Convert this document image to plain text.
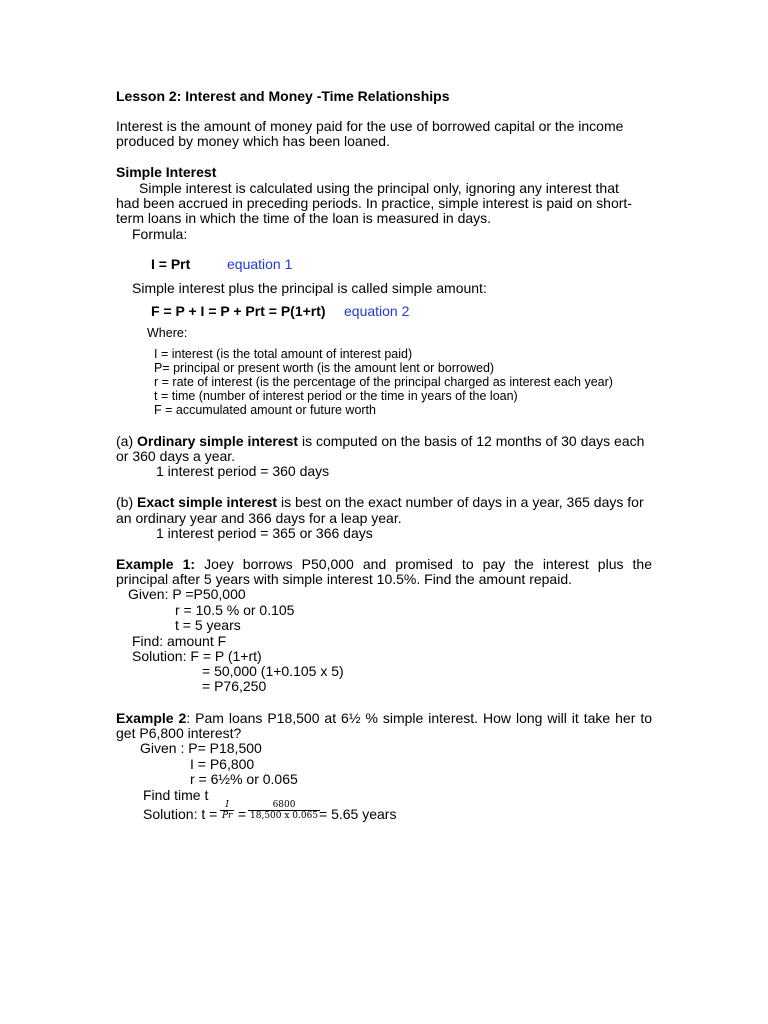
Lesson 2: Interest and Money -Time Relationships
Interest is the amount of money paid for the use of borrowed capital or the income
produced by money which has been loaned.
Simple Interest
Simple interest is calculated using the principal only, ignoring any interest that
had been accrued in preceding periods. In practice, simple interest is paid on short-
term loans in which the time of the loan is measured in days.
Formula:
I = Prt	equation 1
Simple interest plus the principal is called simple amount:
F = P + I = P + Prt = P(1+rt) equation 2
Where:
I = interest (is the total amount of interest paid)
P= principal or present worth (is the amount lent or borrowed)
r = rate of interest (is the percentage of the principal charged as interest each year)
t = time (number of interest period or the time in years of the loan)
F = accumulated amount or future worth
(a) Ordinary simple interest is computed on the basis of 12 months of 30 days each
or 360 days a year.
1 interest period = 360 days
(b) Exact simple interest is best on the exact number of days in a year, 365 days for
an ordinary year and 366 days for a leap year.
1 interest period = 365 or 366 days
Example 1: Joey borrows P50,000 and promised to pay the interest plus the
principal after 5 years with simple interest 10.5%. Find the amount repaid.
Given: P =P50,000
r = 10.5 % or 0.105
t = 5 years
Find: amount F
Solution: F = P (1+rt)
= 50,000 (1+0.105 x 5)
= P76,250
Example 2: Pam loans P18,500 at 6½ % simple interest. How long will it take her to
get P6,800 interest?
Given : P= P18,500
I = P6,800
r = 6½% or 0.065
Find time t
Solution: $t = \frac{I}{Pr} = \frac{6800}{18,500 x 0.065}$
= 5.65 years
